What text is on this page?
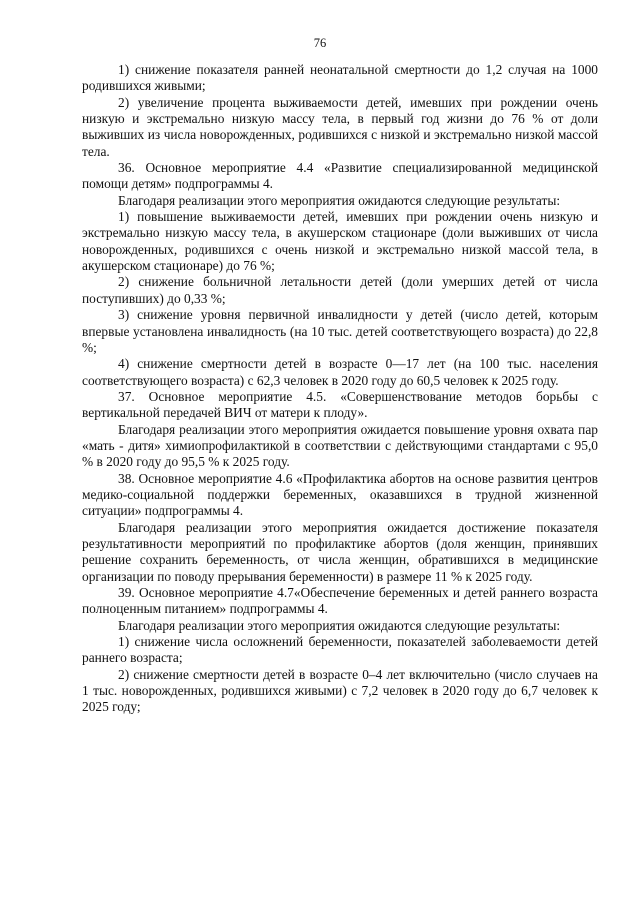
76

1) снижение показателя ранней неонатальной смертности до 1,2 случая на 1000 родившихся живыми;

2) увеличение процента выживаемости детей, имевших при рождении очень низкую и экстремально низкую массу тела, в первый год жизни до 76 % от доли выживших из числа новорожденных, родившихся с низкой и экстремально низкой массой тела.

36. Основное мероприятие 4.4 «Развитие специализированной медицинской помощи детям» подпрограммы 4.

Благодаря реализации этого мероприятия ожидаются следующие результаты:

1) повышение выживаемости детей, имевших при рождении очень низкую и экстремально низкую массу тела, в акушерском стационаре (доли выживших от числа новорожденных, родившихся с очень низкой и экстремально низкой массой тела, в акушерском стационаре) до 76 %;

2) снижение больничной летальности детей (доли умерших детей от числа поступивших) до 0,33 %;

3) снижение уровня первичной инвалидности у детей (число детей, которым впервые установлена инвалидность (на 10 тыс. детей соответствующего возраста) до 22,8 %;

4) снижение смертности детей в возрасте 0—17 лет (на 100 тыс. населения соответствующего возраста) с 62,3 человек в 2020 году до 60,5 человек к 2025 году.

37. Основное мероприятие 4.5. «Совершенствование методов борьбы с вертикальной передачей ВИЧ от матери к плоду».

Благодаря реализации этого мероприятия ожидается повышение уровня охвата пар «мать - дитя» химиопрофилактикой в соответствии с действующими стандартами с 95,0 % в 2020 году до 95,5 % к 2025 году.

38. Основное мероприятие 4.6 «Профилактика абортов на основе развития центров медико-социальной поддержки беременных, оказавшихся в трудной жизненной ситуации» подпрограммы 4.

Благодаря реализации этого мероприятия ожидается достижение показателя результативности мероприятий по профилактике абортов (доля женщин, принявших решение сохранить беременность, от числа женщин, обратившихся в медицинские организации по поводу прерывания беременности) в размере 11 % к 2025 году.

39. Основное мероприятие 4.7«Обеспечение беременных и детей раннего возраста полноценным питанием» подпрограммы 4.

Благодаря реализации этого мероприятия ожидаются следующие результаты:

1) снижение числа осложнений беременности, показателей заболеваемости детей раннего возраста;

2) снижение смертности детей в возрасте 0–4 лет включительно (число случаев на 1 тыс. новорожденных, родившихся живыми) с 7,2 человек в 2020 году до 6,7 человек к 2025 году;
